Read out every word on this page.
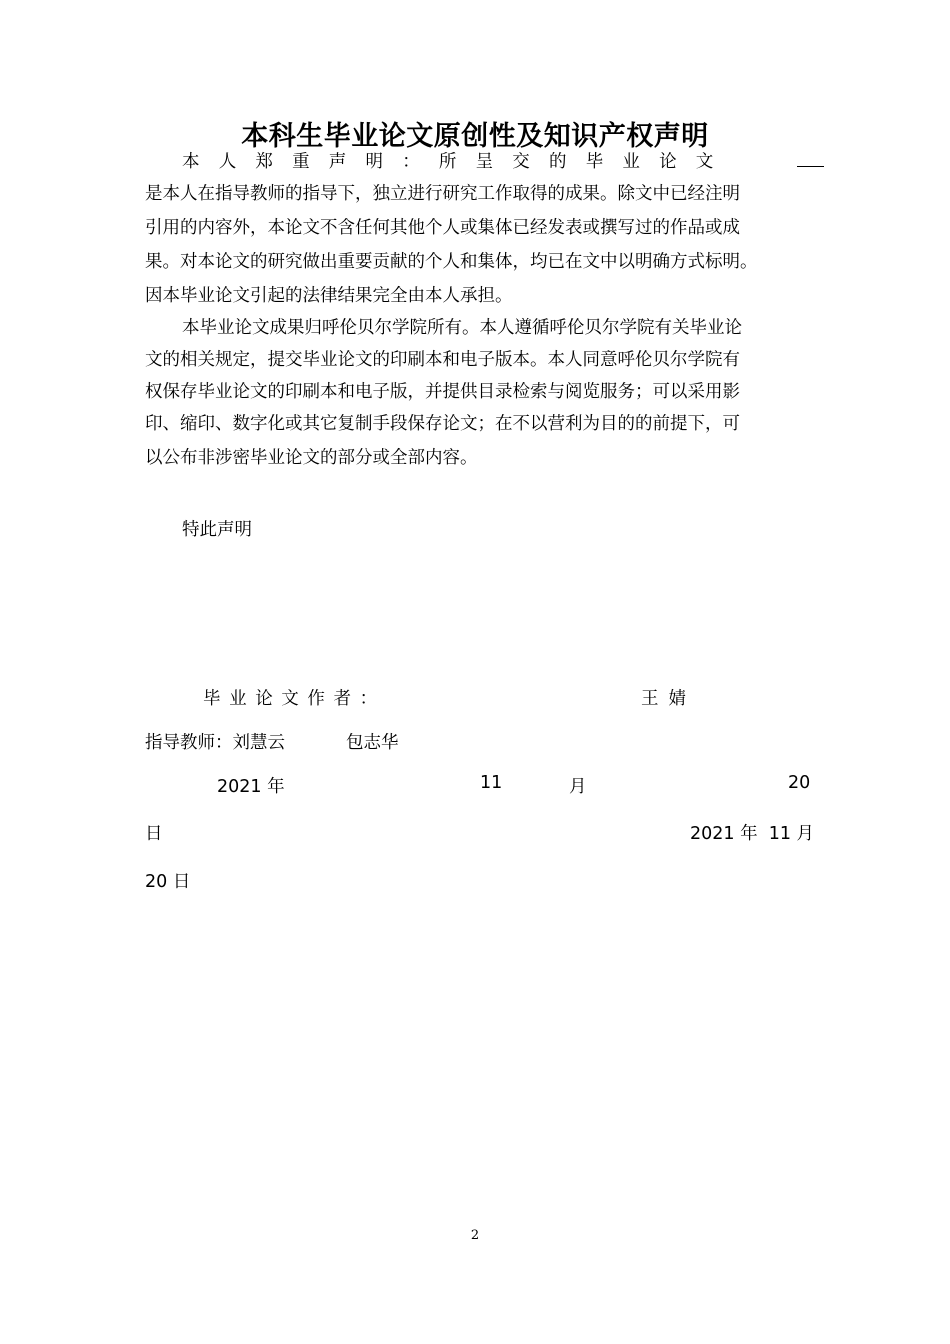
本科生毕业论文原创性及知识产权声明
本人郑重声明：所呈交的毕业论文
是本人在指导教师的指导下，独立进行研究工作取得的成果。除文中已经注明
引用的内容外，本论文不含任何其他个人或集体已经发表或撰写过的作品或成
果。对本论文的研究做出重要贡献的个人和集体，均已在文中以明确方式标明。
因本毕业论文引起的法律结果完全由本人承担。
本毕业论文成果归呼伦贝尔学院所有。本人遵循呼伦贝尔学院有关毕业论
文的相关规定，提交毕业论文的印刷本和电子版本。本人同意呼伦贝尔学院有
权保存毕业论文的印刷本和电子版，并提供目录检索与阅览服务；可以采用影
印、缩印、数字化或其它复制手段保存论文；在不以营利为目的的前提下，可
以公布非涉密毕业论文的部分或全部内容。
特此声明
毕业论文作者：	王婧
指导教师：刘慧云	包志华
2021 年	11	月	20
日	2021 年  11 月
20 日
2
